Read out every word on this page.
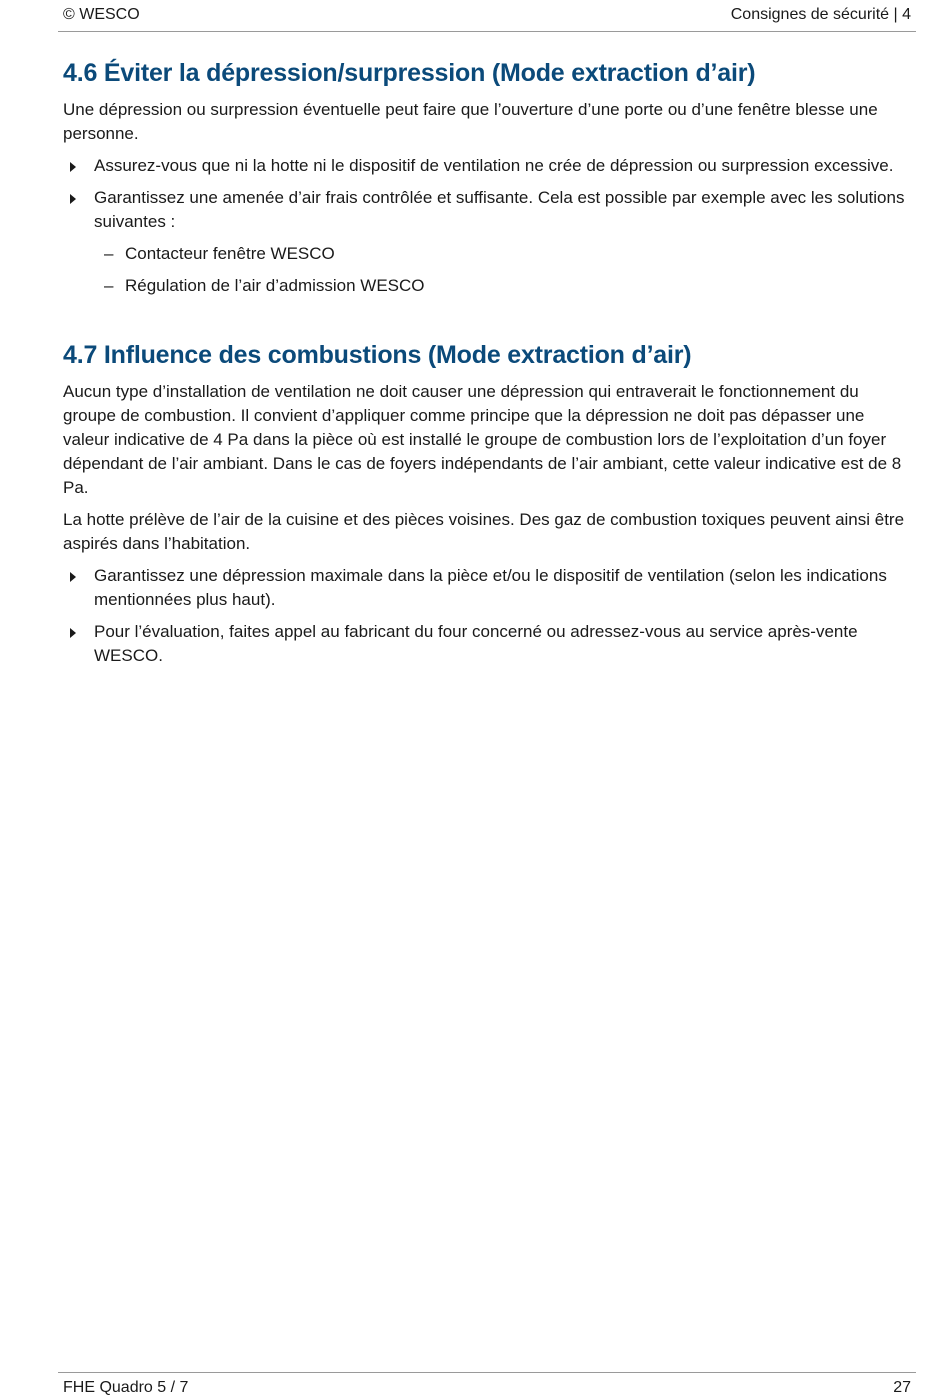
© WESCO	Consignes de sécurité | 4
4.6 Éviter la dépression/surpression (Mode extraction d’air)

Une dépression ou surpression éventuelle peut faire que l’ouverture d’une porte ou d’une fenêtre blesse une personne.

Assurez-vous que ni la hotte ni le dispositif de ventilation ne crée de dépression ou surpression excessive.
Garantissez une amenée d’air frais contrôlée et suffisante. Cela est possible par exemple avec les solutions suivantes :
– Contacteur fenêtre WESCO
– Régulation de l’air d’admission WESCO
4.7 Influence des combustions (Mode extraction d’air)

Aucun type d’installation de ventilation ne doit causer une dépression qui entraverait le fonctionnement du groupe de combustion. Il convient d’appliquer comme principe que la dépression ne doit pas dépasser une valeur indicative de 4 Pa dans la pièce où est installé le groupe de combustion lors de l’exploitation d’un foyer dépendant de l’air ambiant. Dans le cas de foyers indépendants de l’air ambiant, cette valeur indicative est de 8 Pa.

La hotte prélève de l’air de la cuisine et des pièces voisines. Des gaz de combustion toxiques peuvent ainsi être aspirés dans l’habitation.

Garantissez une dépression maximale dans la pièce et/ou le dispositif de ventilation (selon les indications mentionnées plus haut).
Pour l’évaluation, faites appel au fabricant du four concerné ou adressez-vous au service après-vente WESCO.
FHE Quadro 5 / 7	27
